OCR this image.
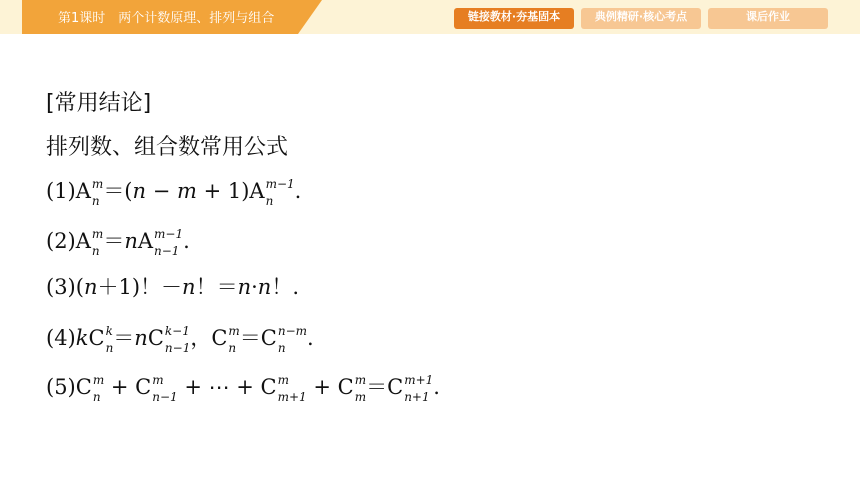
第1课时　两个计数原理、排列与组合	链接教材·夯基固本	典例精研·核心考点	课后作业
[常用结论]
排列数、组合数常用公式
(1)A m
n ＝(n − m + 1)A m−1
n	.
(2)A m
n ＝nA m−1
n−1 .
(3)(n＋1)！－n！＝n·n！.
(4)kC k
n ＝nC k−1
n−1 ，C m
n ＝C n−m
n	.
(5)C m
n + C m
n−1 + ⋯ + C m
m+1 + C m
m ＝C m+1
n+1 .
